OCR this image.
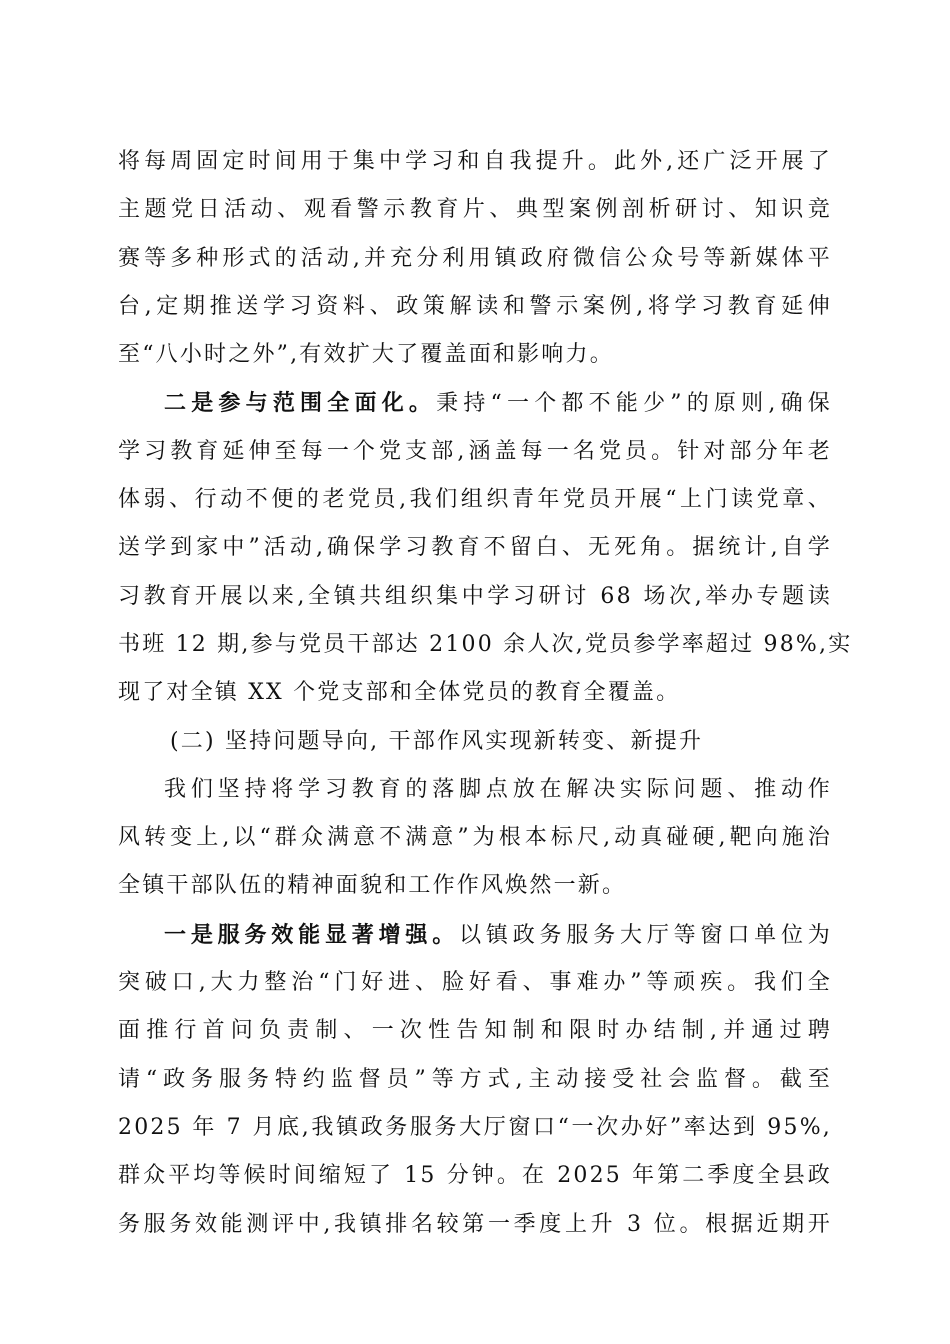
将每周固定时间用于集中学习和自我提升。此外,还广泛开展了
主题党日活动、观看警示教育片、典型案例剖析研讨、知识竞
赛等多种形式的活动,并充分利用镇政府微信公众号等新媒体平
台,定期推送学习资料、政策解读和警示案例,将学习教育延伸
至“八小时之外”,有效扩大了覆盖面和影响力。
二是参与范围全面化。秉持“一个都不能少”的原则,确保
学习教育延伸至每一个党支部,涵盖每一名党员。针对部分年老
体弱、行动不便的老党员,我们组织青年党员开展“上门读党章、
送学到家中”活动,确保学习教育不留白、无死角。据统计,自学
习教育开展以来,全镇共组织集中学习研讨 68 场次,举办专题读
书班 12 期,参与党员干部达 2100 余人次,党员参学率超过 98%,实
现了对全镇 XX 个党支部和全体党员的教育全覆盖。
(二) 坚持问题导向, 干部作风实现新转变、新提升
我们坚持将学习教育的落脚点放在解决实际问题、推动作
风转变上,以“群众满意不满意”为根本标尺,动真碰硬,靶向施治
全镇干部队伍的精神面貌和工作作风焕然一新。
一是服务效能显著增强。以镇政务服务大厅等窗口单位为
突破口,大力整治“门好进、脸好看、事难办”等顽疾。我们全
面推行首问负责制、一次性告知制和限时办结制,并通过聘
请“政务服务特约监督员”等方式,主动接受社会监督。截至
2025 年 7 月底,我镇政务服务大厅窗口“一次办好”率达到 95%,
群众平均等候时间缩短了 15 分钟。在 2025 年第二季度全县政
务服务效能测评中,我镇排名较第一季度上升 3 位。根据近期开
